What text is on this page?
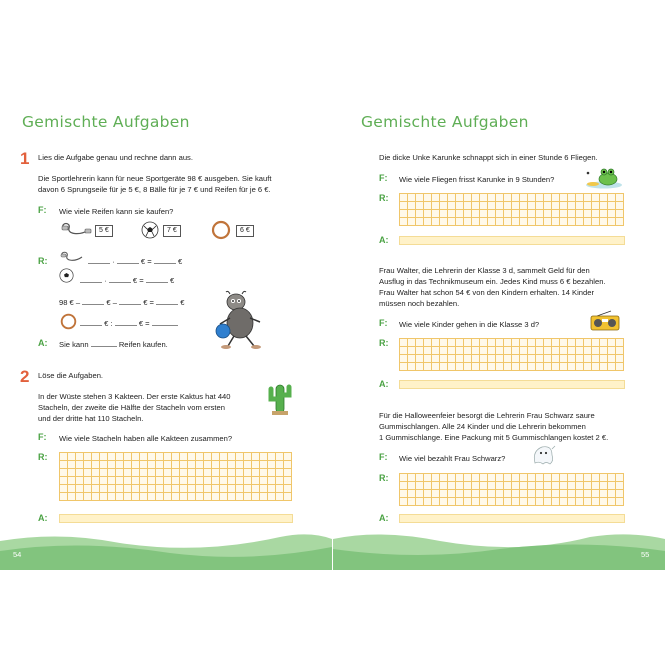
Gemischte Aufgaben
1 Lies die Aufgabe genau und rechne dann aus.
Die Sportlehrerin kann für neue Sportgeräte 98 € ausgeben. Sie kauft
davon 6 Sprungseile für je 5 €, 8 Bälle für je 7 € und Reifen für je 6 €.
F: Wie viele Reifen kann sie kaufen?
5 €	7 €	6 €
R:	·	€ =	€
·	€ =	€
98 € –	€ –	€ =	€
€ :	€ =
A: Sie kann	Reifen kaufen.
2 Löse die Aufgaben.
In der Wüste stehen 3 Kakteen. Der erste Kaktus hat 440
Stacheln, der zweite die Hälfte der Stacheln vom ersten
und der dritte hat 110 Stacheln.
F: Wie viele Stacheln haben alle Kakteen zusammen?
R:
A:
Gemischte Aufgaben
Die dicke Unke Karunke schnappt sich in einer Stunde 6 Fliegen.
F: Wie viele Fliegen frisst Karunke in 9 Stunden?
R:
A:
Frau Walter, die Lehrerin der Klasse 3 d, sammelt Geld für den
Ausflug in das Technikmuseum ein. Jedes Kind muss 6 € bezahlen.
Frau Walter hat schon 54 € von den Kindern erhalten. 14 Kinder
müssen noch bezahlen.
F: Wie viele Kinder gehen in die Klasse 3 d?
R:
A:
Für die Halloweenfeier besorgt die Lehrerin Frau Schwarz saure
Gummischlangen. Alle 24 Kinder und die Lehrerin bekommen
1 Gummischlange. Eine Packung mit 5 Gummischlangen kostet 2 €.
F: Wie viel bezahlt Frau Schwarz?
R:
A:
54	55
